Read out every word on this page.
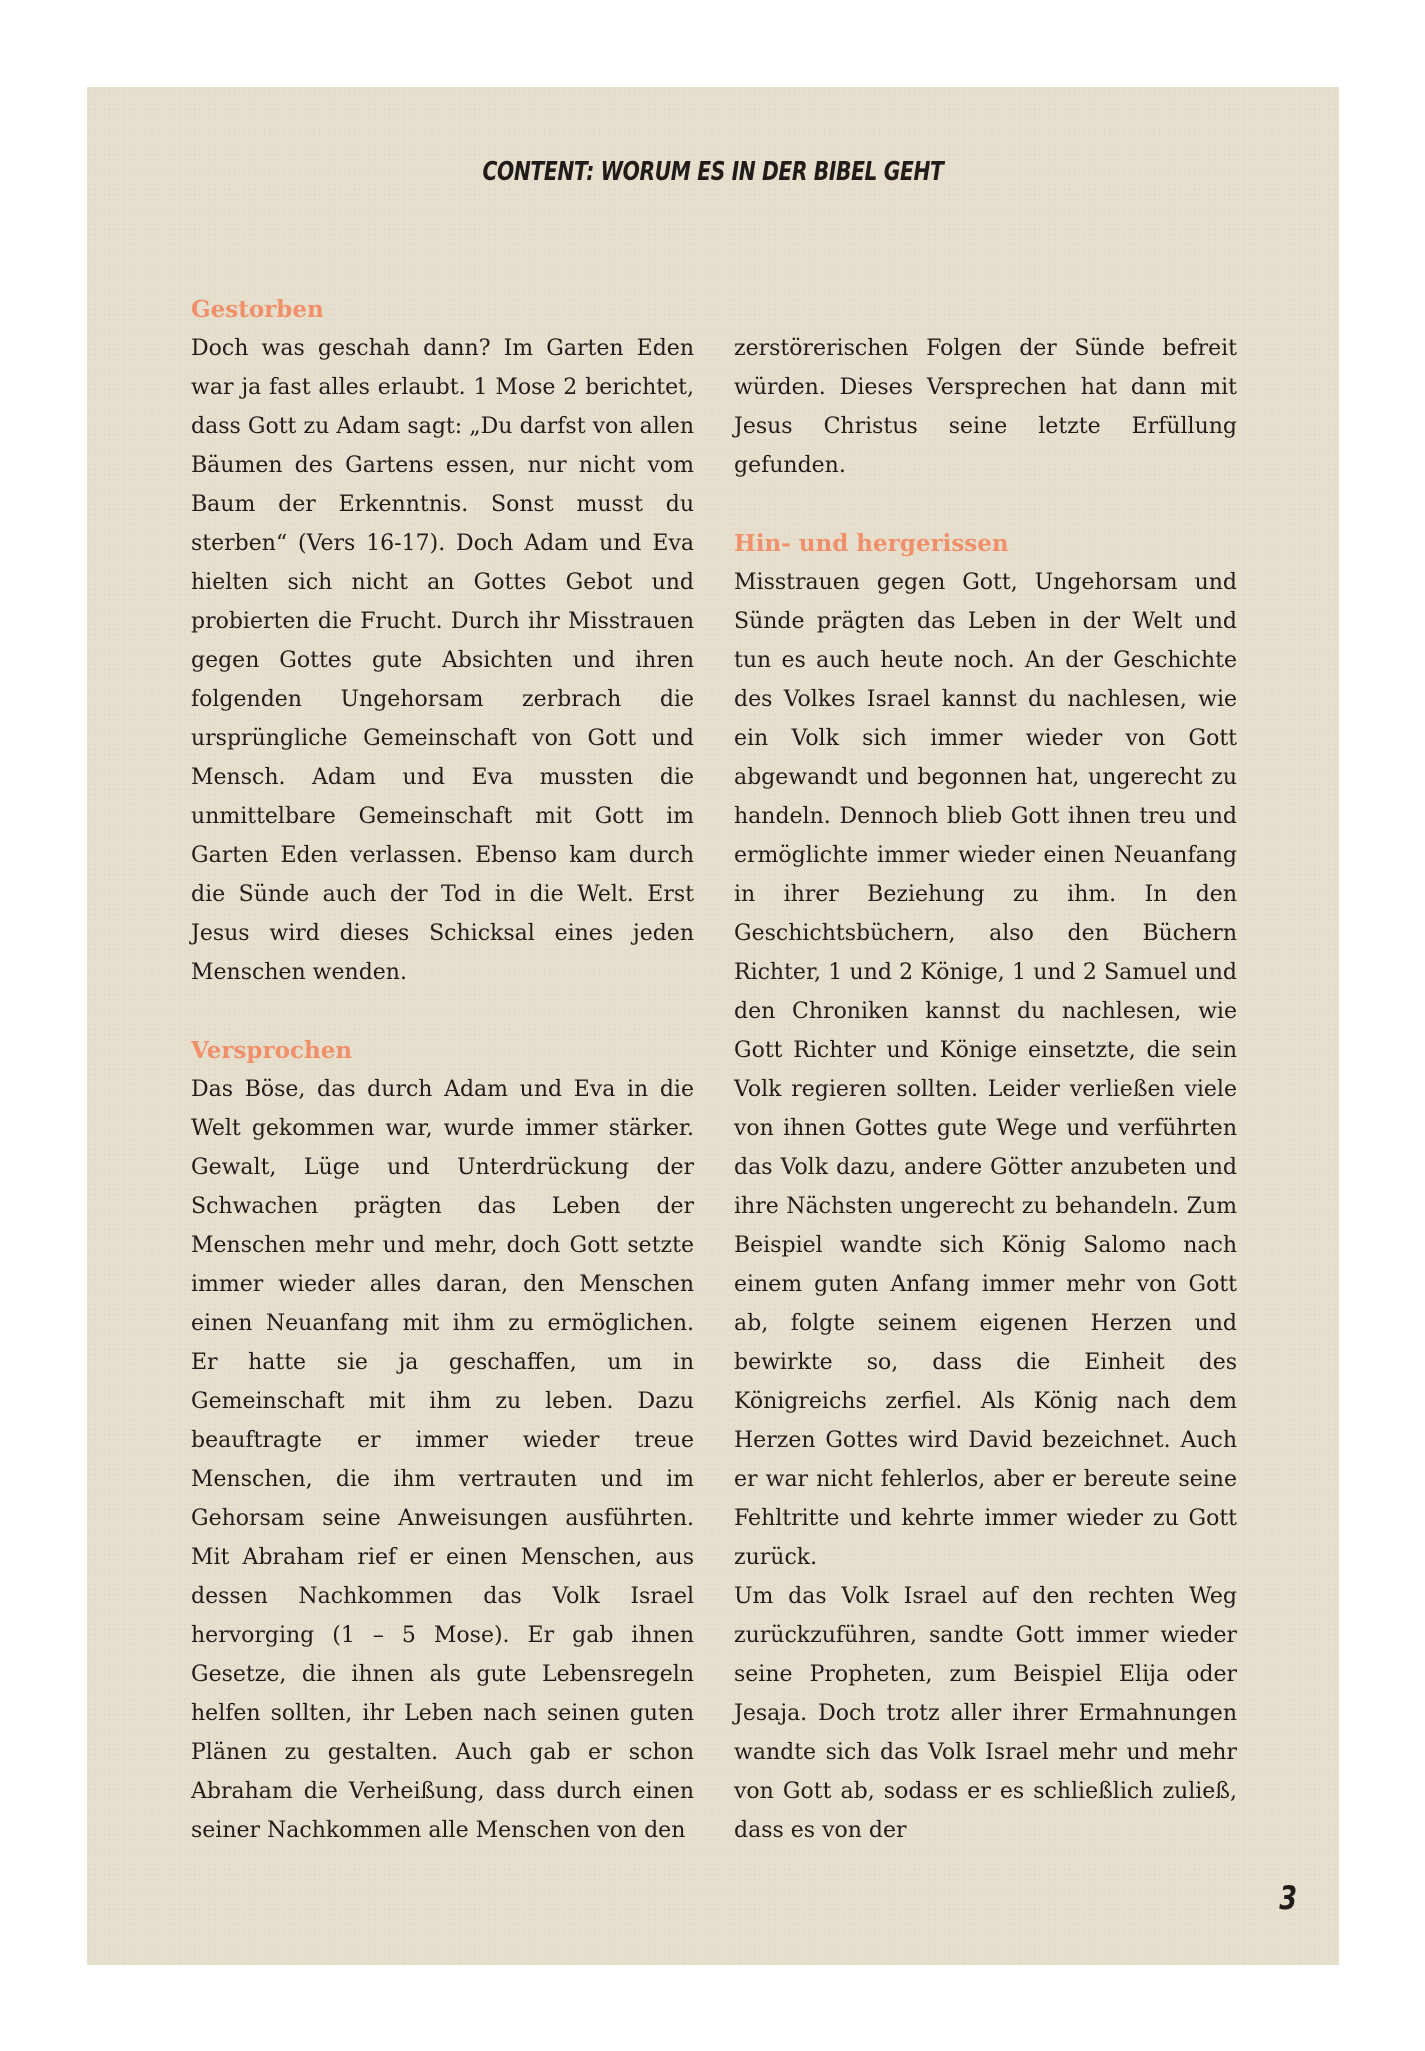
CONTENT: WORUM ES IN DER BIBEL GEHT
Gestorben

Doch was geschah dann? Im Garten Eden war ja fast alles erlaubt. 1 Mose 2 berichtet, dass Gott zu Adam sagt: „Du darfst von allen Bäumen des Gartens essen, nur nicht vom Baum der Erkenntnis. Sonst musst du sterben“ (Vers 16-17). Doch Adam und Eva hielten sich nicht an Gottes Gebot und probierten die Frucht. Durch ihr Misstrauen gegen Gottes gute Absichten und ihren folgenden Ungehorsam zerbrach die ursprüngliche Gemeinschaft von Gott und Mensch. Adam und Eva mussten die unmittelbare Gemeinschaft mit Gott im Garten Eden verlassen. Ebenso kam durch die Sünde auch der Tod in die Welt. Erst Jesus wird dieses Schicksal eines jeden Menschen wenden.

Versprochen

Das Böse, das durch Adam und Eva in die Welt gekommen war, wurde immer stärker. Gewalt, Lüge und Unterdrückung der Schwachen prägten das Leben der Menschen mehr und mehr, doch Gott setzte immer wieder alles daran, den Menschen einen Neuanfang mit ihm zu ermöglichen. Er hatte sie ja geschaffen, um in Gemeinschaft mit ihm zu leben. Dazu beauftragte er immer wieder treue Menschen, die ihm vertrauten und im Gehorsam seine Anweisungen ausführten. Mit Abraham rief er einen Menschen, aus dessen Nachkommen das Volk Israel hervorging (1 – 5 Mose). Er gab ihnen Gesetze, die ihnen als gute Lebensregeln helfen sollten, ihr Leben nach seinen guten Plänen zu gestalten. Auch gab er schon Abraham die Verheißung, dass durch einen seiner Nachkommen alle Menschen von den

zerstörerischen Folgen der Sünde befreit würden. Dieses Versprechen hat dann mit Jesus Christus seine letzte Erfüllung gefunden.

Hin- und hergerissen

Misstrauen gegen Gott, Ungehorsam und Sünde prägten das Leben in der Welt und tun es auch heute noch. An der Geschichte des Volkes Israel kannst du nachlesen, wie ein Volk sich immer wieder von Gott abgewandt und begonnen hat, ungerecht zu handeln. Dennoch blieb Gott ihnen treu und ermöglichte immer wieder einen Neuanfang in ihrer Beziehung zu ihm. In den Geschichtsbüchern, also den Büchern Richter, 1 und 2 Könige, 1 und 2 Samuel und den Chroniken kannst du nachlesen, wie Gott Richter und Könige einsetzte, die sein Volk regieren sollten. Leider verließen viele von ihnen Gottes gute Wege und verführten das Volk dazu, andere Götter anzubeten und ihre Nächsten ungerecht zu behandeln. Zum Beispiel wandte sich König Salomo nach einem guten Anfang immer mehr von Gott ab, folgte seinem eigenen Herzen und bewirkte so, dass die Einheit des Königreichs zerfiel. Als König nach dem Herzen Gottes wird David bezeichnet. Auch er war nicht fehlerlos, aber er bereute seine Fehltritte und kehrte immer wieder zu Gott zurück.

Um das Volk Israel auf den rechten Weg zurückzuführen, sandte Gott immer wieder seine Propheten, zum Beispiel Elija oder Jesaja. Doch trotz aller ihrer Ermahnungen wandte sich das Volk Israel mehr und mehr von Gott ab, sodass er es schließlich zuließ, dass es von der

3
